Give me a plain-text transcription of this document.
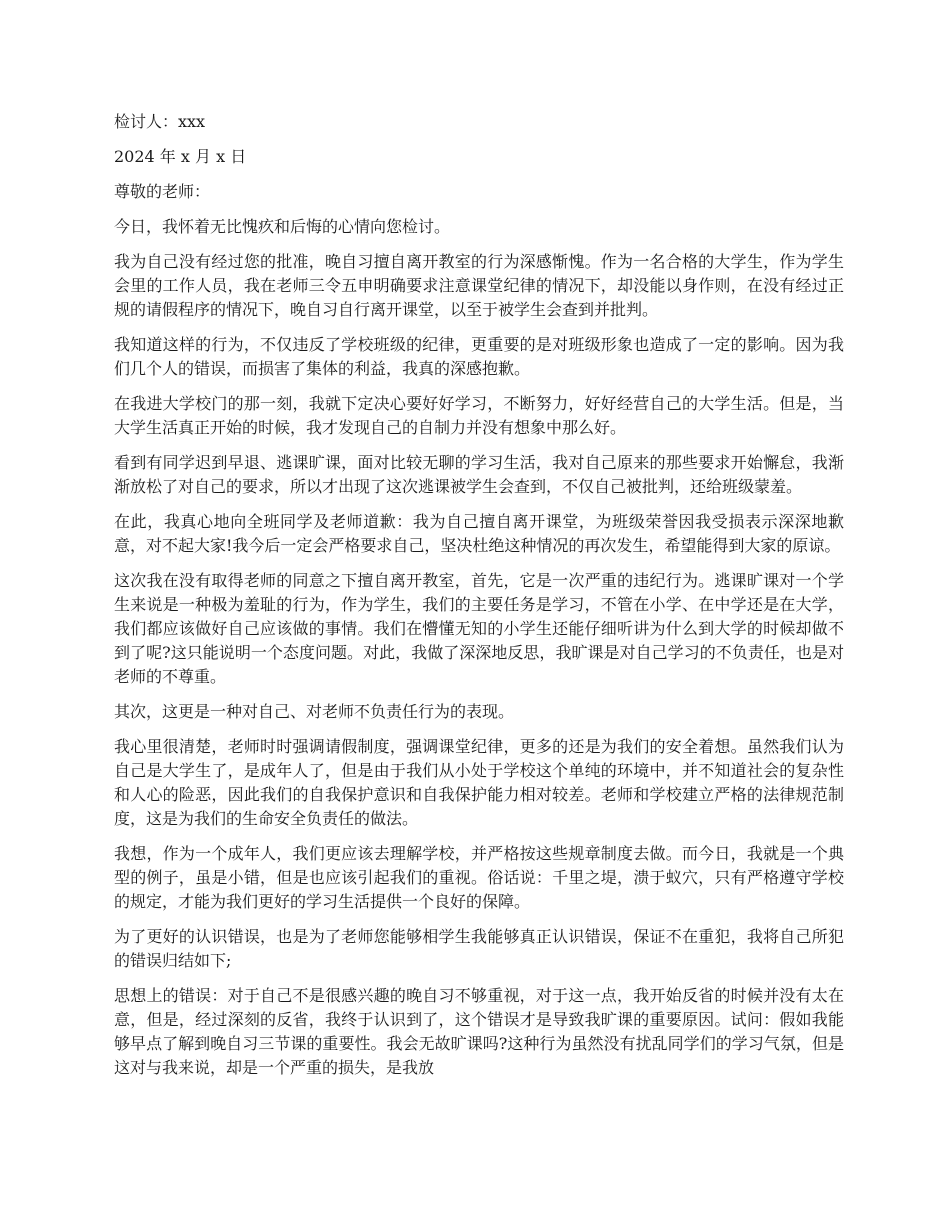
检讨人：xxx

2024 年 x 月 x 日

尊敬的老师：

今日，我怀着无比愧疚和后悔的心情向您检讨。

我为自己没有经过您的批准，晚自习擅自离开教室的行为深感惭愧。作为一名合格的大学生，作为学生会里的工作人员，我在老师三令五申明确要求注意课堂纪律的情况下，却没能以身作则，在没有经过正规的请假程序的情况下，晚自习自行离开课堂，以至于被学生会查到并批判。

我知道这样的行为，不仅违反了学校班级的纪律，更重要的是对班级形象也造成了一定的影响。因为我们几个人的错误，而损害了集体的利益，我真的深感抱歉。

在我进大学校门的那一刻，我就下定决心要好好学习，不断努力，好好经营自己的大学生活。但是，当大学生活真正开始的时候，我才发现自己的自制力并没有想象中那么好。

看到有同学迟到早退、逃课旷课，面对比较无聊的学习生活，我对自己原来的那些要求开始懈怠，我渐渐放松了对自己的要求，所以才出现了这次逃课被学生会查到，不仅自己被批判，还给班级蒙羞。

在此，我真心地向全班同学及老师道歉：我为自己擅自离开课堂，为班级荣誉因我受损表示深深地歉意，对不起大家!我今后一定会严格要求自己，坚决杜绝这种情况的再次发生，希望能得到大家的原谅。

这次我在没有取得老师的同意之下擅自离开教室，首先，它是一次严重的违纪行为。逃课旷课对一个学生来说是一种极为羞耻的行为，作为学生，我们的主要任务是学习，不管在小学、在中学还是在大学，我们都应该做好自己应该做的事情。我们在懵懂无知的小学生还能仔细听讲为什么到大学的时候却做不到了呢?这只能说明一个态度问题。对此，我做了深深地反思，我旷课是对自己学习的不负责任，也是对老师的不尊重。

其次，这更是一种对自己、对老师不负责任行为的表现。

我心里很清楚，老师时时强调请假制度，强调课堂纪律，更多的还是为我们的安全着想。虽然我们认为自己是大学生了，是成年人了，但是由于我们从小处于学校这个单纯的环境中，并不知道社会的复杂性和人心的险恶，因此我们的自我保护意识和自我保护能力相对较差。老师和学校建立严格的法律规范制度，这是为我们的生命安全负责任的做法。

我想，作为一个成年人，我们更应该去理解学校，并严格按这些规章制度去做。而今日，我就是一个典型的例子，虽是小错，但是也应该引起我们的重视。俗话说：千里之堤，溃于蚁穴，只有严格遵守学校的规定，才能为我们更好的学习生活提供一个良好的保障。

为了更好的认识错误，也是为了老师您能够相学生我能够真正认识错误，保证不在重犯，我将自己所犯的错误归结如下;

思想上的错误：对于自己不是很感兴趣的晚自习不够重视，对于这一点，我开始反省的时候并没有太在意，但是，经过深刻的反省，我终于认识到了，这个错误才是导致我旷课的重要原因。试问：假如我能够早点了解到晚自习三节课的重要性。我会无故旷课吗?这种行为虽然没有扰乱同学们的学习气氛，但是这对与我来说，却是一个严重的损失，是我放
